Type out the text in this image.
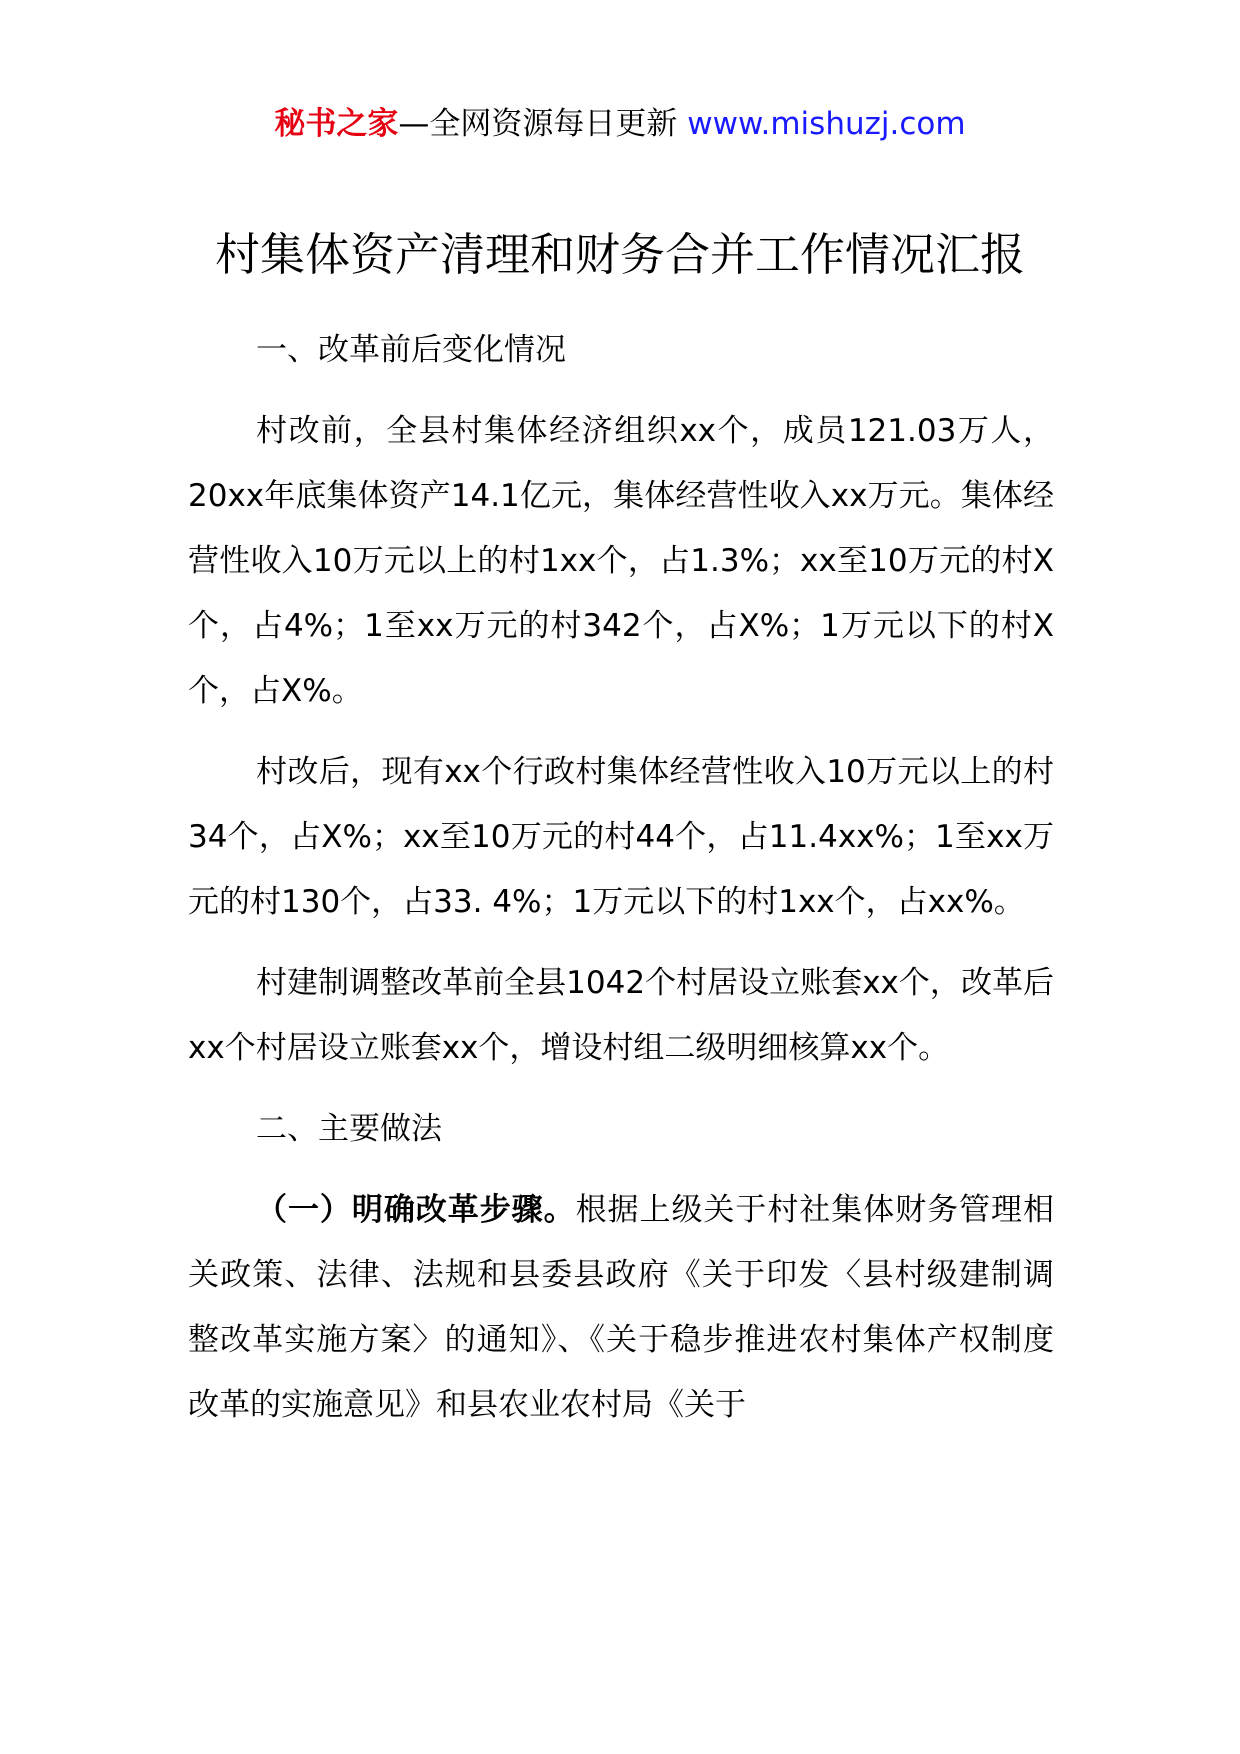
秘书之家—全网资源每日更新 www.mishuzj.com
村集体资产清理和财务合并工作情况汇报

一、改革前后变化情况

村改前，全县村集体经济组织xx个，成员121.03万人，20xx年底集体资产14.1亿元，集体经营性收入xx万元。集体经营性收入10万元以上的村1xx个，占1.3%；xx至10万元的村X个，占4%；1至xx万元的村342个，占X%；1万元以下的村X个，占X%。

村改后，现有xx个行政村集体经营性收入10万元以上的村34个，占X%；xx至10万元的村44个，占11.4xx%；1至xx万元的村130个，占33. 4%；1万元以下的村1xx个，占xx%。

村建制调整改革前全县1042个村居设立账套xx个，改革后xx个村居设立账套xx个，增设村组二级明细核算xx个。

二、主要做法

（一）明确改革步骤。根据上级关于村社集体财务管理相关政策、法律、法规和县委县政府《关于印发〈县村级建制调整改革实施方案〉的通知》、《关于稳步推进农村集体产权制度改革的实施意见》和县农业农村局《关于
